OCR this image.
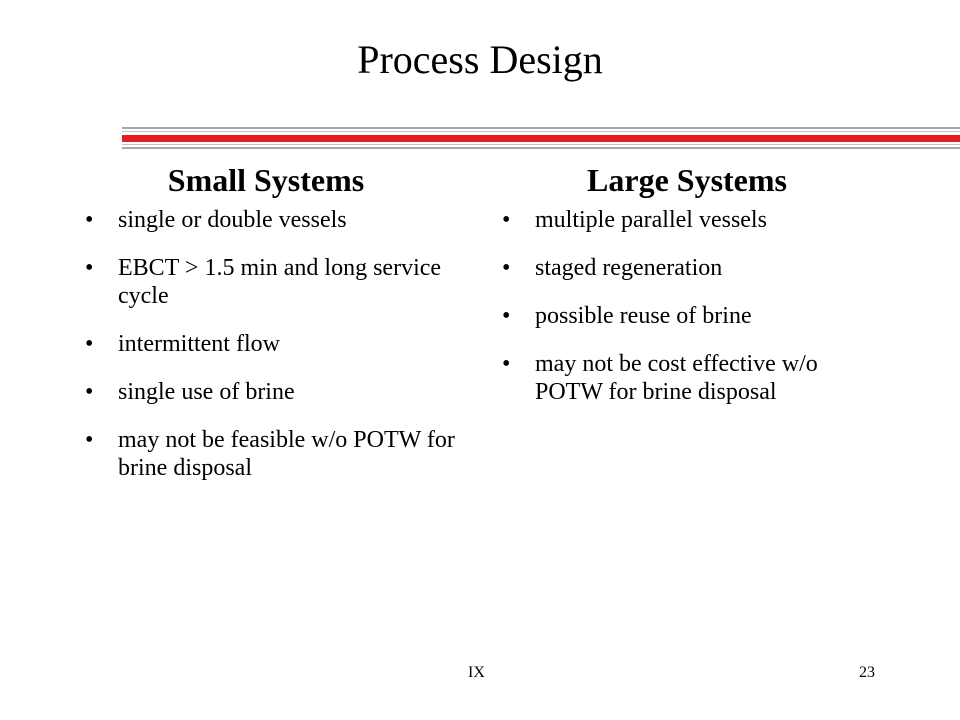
Process Design
Small Systems
• single or double vessels
• EBCT > 1.5 min and long service cycle
• intermittent flow
• single use of brine
• may not be feasible w/o POTW for brine disposal
Large Systems
• multiple parallel vessels
• staged regeneration
• possible reuse of brine
• may not be cost effective w/o POTW for brine disposal
IX	23
